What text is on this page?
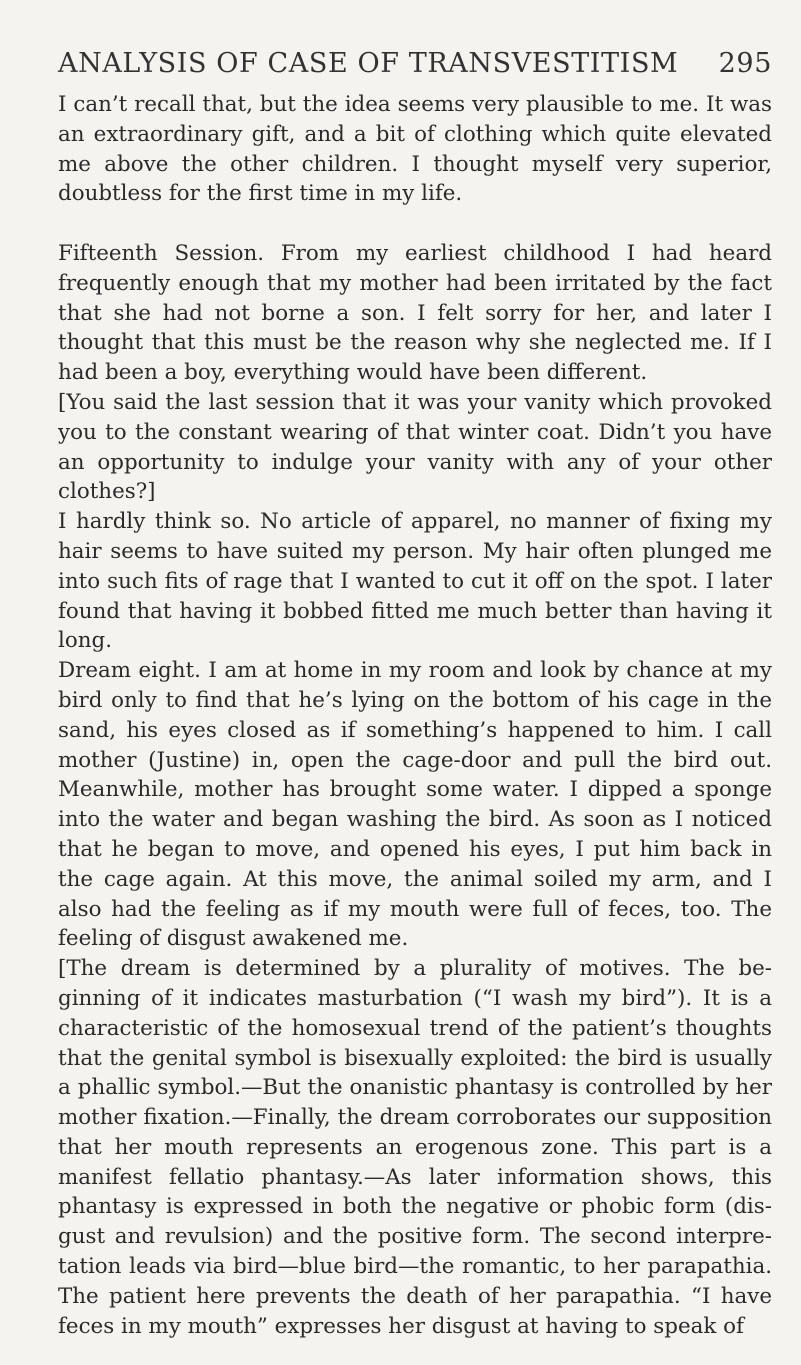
ANALYSIS OF CASE OF TRANSVESTITISM 295

I can’t recall that, but the idea seems very plausible to me. It was an extraordinary gift, and a bit of clothing which quite elevated me above the other children. I thought myself very superior, doubtless for the first time in my life.

Fifteenth Session. From my earliest childhood I had heard frequently enough that my mother had been irritated by the fact that she had not borne a son. I felt sorry for her, and later I thought that this must be the reason why she neglected me. If I had been a boy, everything would have been different.

[You said the last session that it was your vanity which provoked you to the constant wearing of that winter coat. Didn’t you have an opportunity to indulge your vanity with any of your other clothes?]

I hardly think so. No article of apparel, no manner of fixing my hair seems to have suited my person. My hair often plunged me into such fits of rage that I wanted to cut it off on the spot. I later found that having it bobbed fitted me much better than having it long.

Dream eight. I am at home in my room and look by chance at my bird only to find that he’s lying on the bottom of his cage in the sand, his eyes closed as if something’s happened to him. I call mother (Justine) in, open the cage-door and pull the bird out. Meanwhile, mother has brought some water. I dipped a sponge into the water and began washing the bird. As soon as I noticed that he began to move, and opened his eyes, I put him back in the cage again. At this move, the animal soiled my arm, and I also had the feeling as if my mouth were full of feces, too. The feeling of disgust awakened me.

[The dream is determined by a plurality of motives. The beginning of it indicates masturbation (“I wash my bird”). It is a characteristic of the homosexual trend of the patient’s thoughts that the genital symbol is bisexually exploited: the bird is usually a phallic symbol.—But the onanistic phantasy is controlled by her mother fixation.—Finally, the dream corroborates our supposition that her mouth represents an erogenous zone. This part is a manifest fellatio phantasy.—As later information shows, this phantasy is expressed in both the negative or phobic form (disgust and revulsion) and the positive form. The second interpretation leads via bird—blue bird—the romantic, to her parapathia. The patient here prevents the death of her parapathia. “I have feces in my mouth” expresses her disgust at having to speak of
